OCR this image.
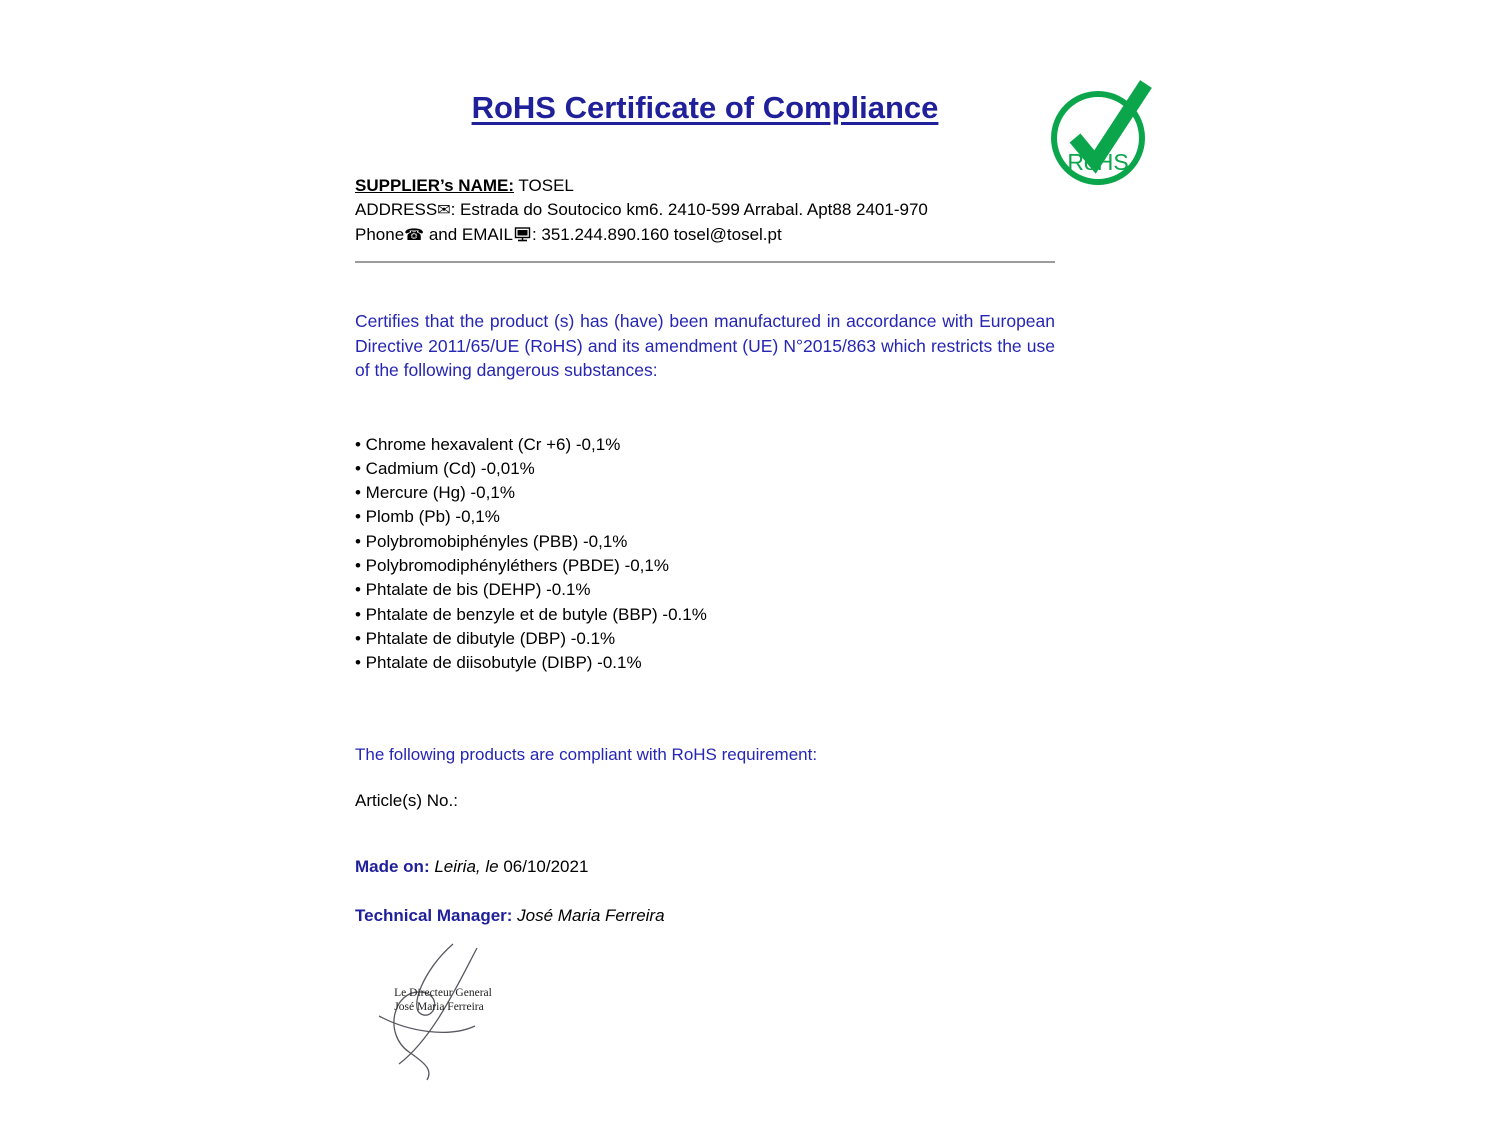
RoHS
RoHS Certificate of Compliance
SUPPLIER’s NAME: TOSEL
ADDRESS✉: Estrada do Soutocico km6. 2410-599 Arrabal. Apt88 2401-970
Phone☎ and EMAIL : 351.244.890.160 tosel@tosel.pt

Certifies that the product (s) has (have) been manufactured in accordance with European Directive 2011/65/UE (RoHS) and its amendment (UE) N°2015/863 which restricts the use of the following dangerous substances:

• Chrome hexavalent (Cr +6) -0,1%
• Cadmium (Cd) -0,01%
• Mercure (Hg) -0,1%
• Plomb (Pb) -0,1%
• Polybromobiphényles (PBB) -0,1%
• Polybromodiphényléthers (PBDE) -0,1%
• Phtalate de bis (DEHP) -0.1%
• Phtalate de benzyle et de butyle (BBP) -0.1%
• Phtalate de dibutyle (DBP) -0.1%
• Phtalate de diisobutyle (DIBP) -0.1%
The following products are compliant with RoHS requirement:
Article(s) No.:
Made on: Leiria, le 06/10/2021
Technical Manager: José Maria Ferreira
Le Directeur General
José Maria Ferreira
